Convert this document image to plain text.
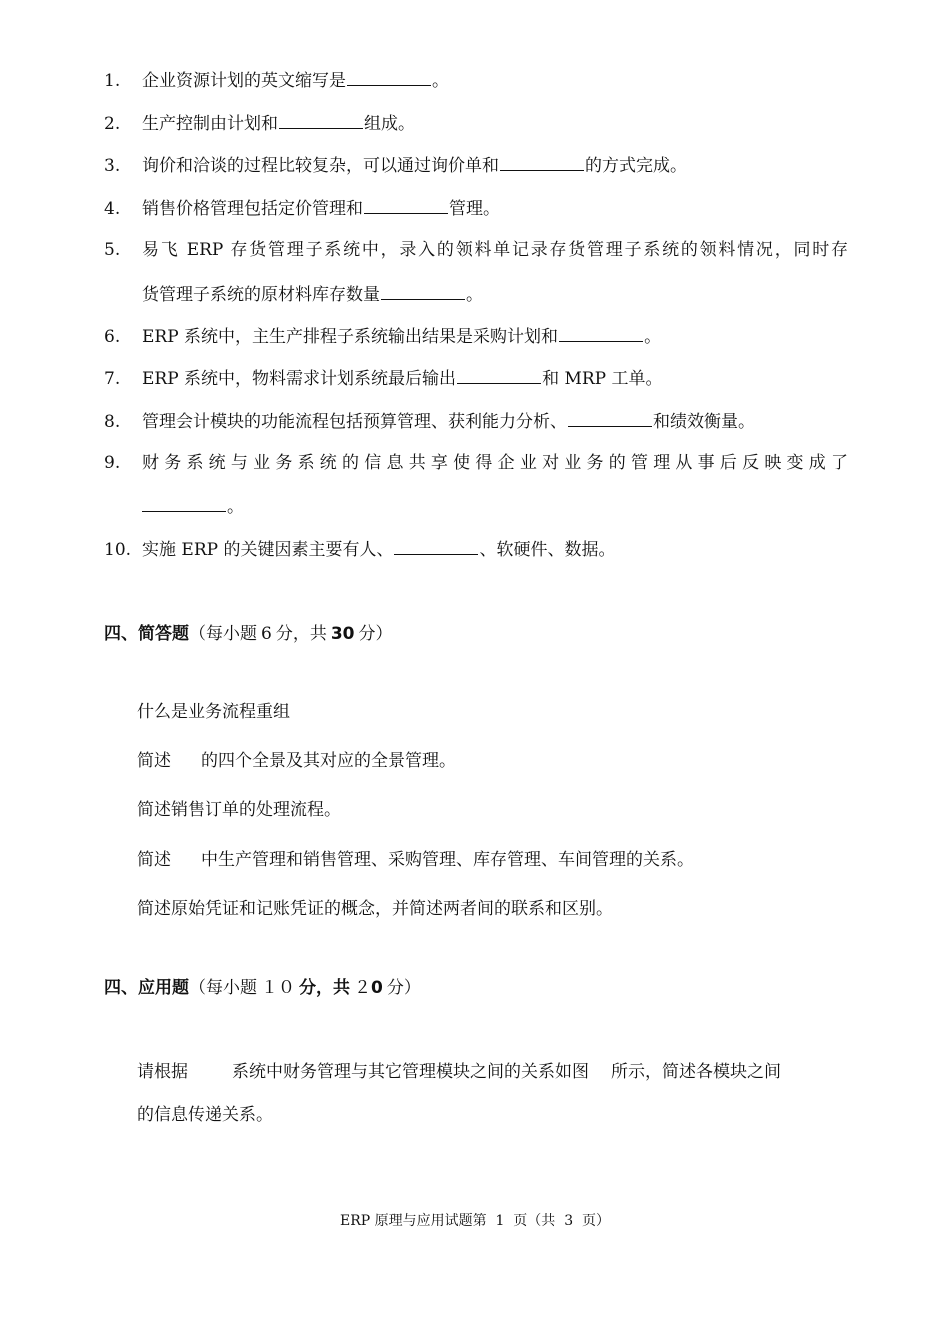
1. 企业资源计划的英文缩写是	。
2. 生产控制由计划和	组成。
3. 询价和洽谈的过程比较复杂，可以通过询价单和	的方式完成。
4. 销售价格管理包括定价管理和	管理。
5. 易飞 ERP 存货管理子系统中，录入的领料单记录存货管理子系统的领料情况，同时存
货管理子系统的原材料库存数量	。
6. ERP 系统中，主生产排程子系统输出结果是采购计划和	。
7. ERP 系统中，物料需求计划系统最后输出	和 MRP 工单。
8. 管理会计模块的功能流程包括预算管理、获利能力分析、	和绩效衡量。
9. 财务系统与业务系统的信息共享使得企业对业务的管理从事后反映变成了
。
10. 实施 ERP 的关键因素主要有人、	、软硬件、数据。
四、简答题（每小题 6 分，共 30 分）
什么是业务流程重组
简述 的四个全景及其对应的全景管理。
简述销售订单的处理流程。
简述 中生产管理和销售管理、采购管理、库存管理、车间管理的关系。
简述原始凭证和记账凭证的概念，并简述两者间的联系和区别。
四、应用题（每小题 １０ 分，共 ２0 分）
请根据	系统中财务管理与其它管理模块之间的关系如图 所示，简述各模块之间
的信息传递关系。
ERP 原理与应用试题第  1  页（共  3  页）
